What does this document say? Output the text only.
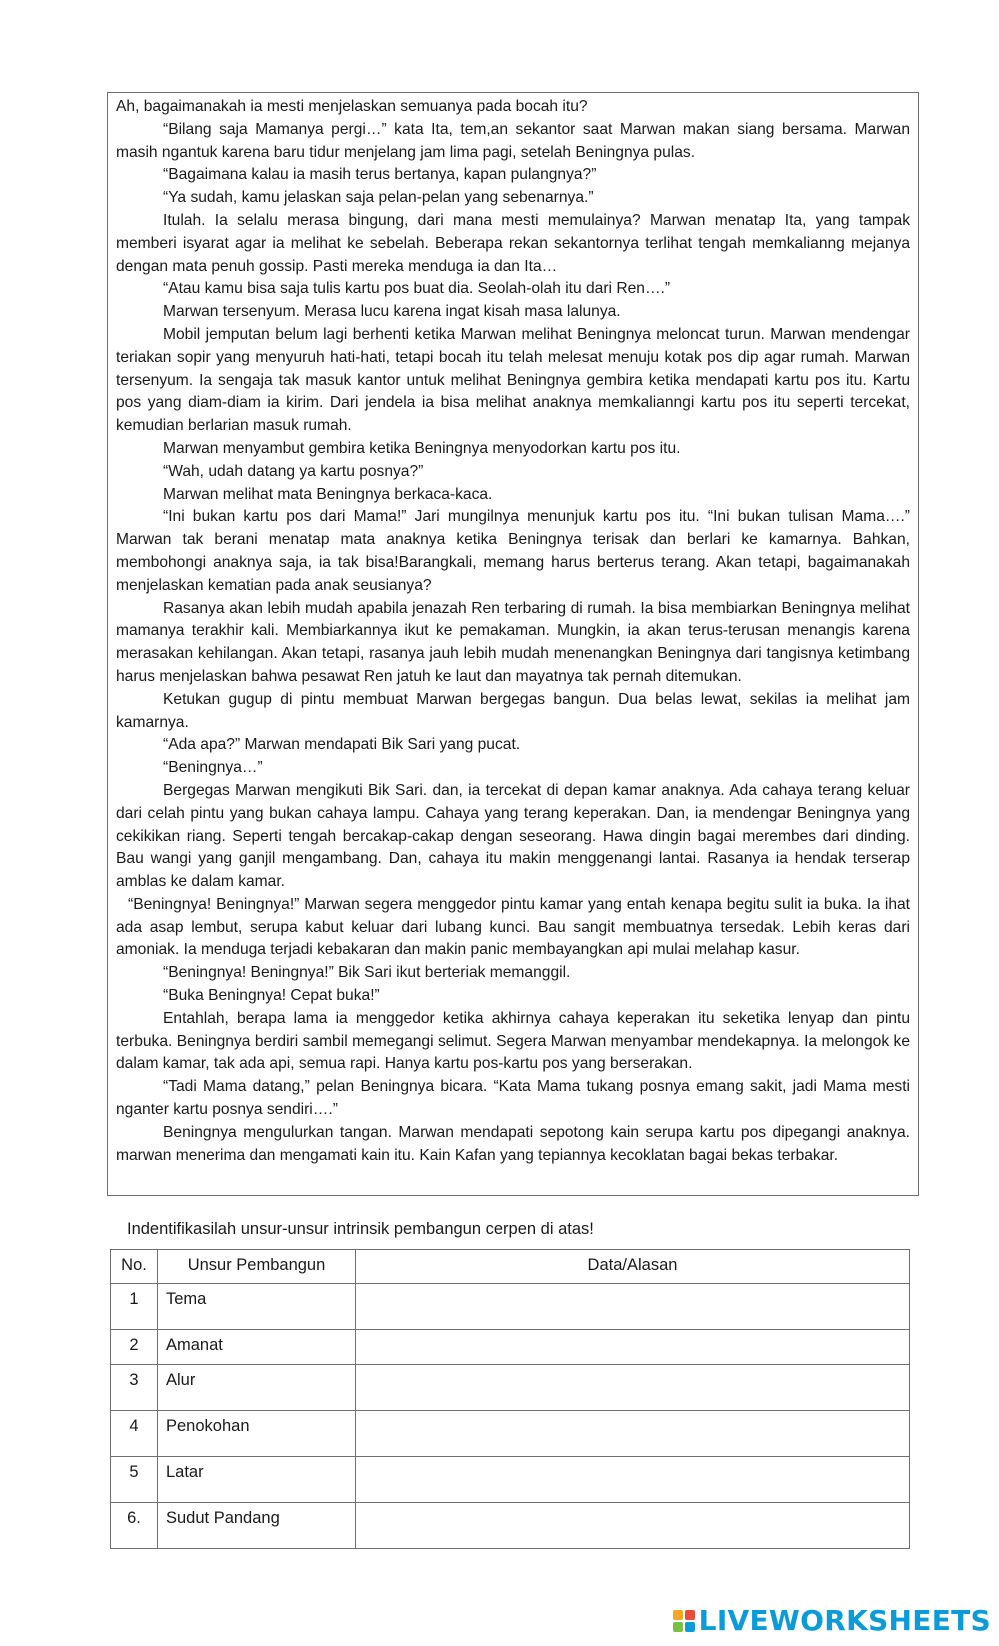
Ah, bagaimanakah ia mesti menjelaskan semuanya pada bocah itu?

“Bilang saja Mamanya pergi…” kata Ita, tem,an sekantor saat Marwan makan siang bersama. Marwan masih ngantuk karena baru tidur menjelang jam lima pagi, setelah Beningnya pulas.

“Bagaimana kalau ia masih terus bertanya, kapan pulangnya?”

“Ya sudah, kamu jelaskan saja pelan-pelan yang sebenarnya.”

Itulah. Ia selalu merasa bingung, dari mana mesti memulainya? Marwan menatap Ita, yang tampak memberi isyarat agar ia melihat ke sebelah. Beberapa rekan sekantornya terlihat tengah memkalianng mejanya dengan mata penuh gossip. Pasti mereka menduga ia dan Ita…

“Atau kamu bisa saja tulis kartu pos buat dia. Seolah-olah itu dari Ren….”

Marwan tersenyum. Merasa lucu karena ingat kisah masa lalunya.

Mobil jemputan belum lagi berhenti ketika Marwan melihat Beningnya meloncat turun. Marwan mendengar teriakan sopir yang menyuruh hati-hati, tetapi bocah itu telah melesat menuju kotak pos dip agar rumah. Marwan tersenyum. Ia sengaja tak masuk kantor untuk melihat Beningnya gembira ketika mendapati kartu pos itu. Kartu pos yang diam-diam ia kirim. Dari jendela ia bisa melihat anaknya memkalianngi kartu pos itu seperti tercekat, kemudian berlarian masuk rumah.

Marwan menyambut gembira ketika Beningnya menyodorkan kartu pos itu.

“Wah, udah datang ya kartu posnya?”

Marwan melihat mata Beningnya berkaca-kaca.

“Ini bukan kartu pos dari Mama!” Jari mungilnya menunjuk kartu pos itu. “Ini bukan tulisan Mama….” Marwan tak berani menatap mata anaknya ketika Beningnya terisak dan berlari ke kamarnya. Bahkan, membohongi anaknya saja, ia tak bisa!Barangkali, memang harus berterus terang. Akan tetapi, bagaimanakah menjelaskan kematian pada anak seusianya?

Rasanya akan lebih mudah apabila jenazah Ren terbaring di rumah. Ia bisa membiarkan Beningnya melihat mamanya terakhir kali. Membiarkannya ikut ke pemakaman. Mungkin, ia akan terus-terusan menangis karena merasakan kehilangan. Akan tetapi, rasanya jauh lebih mudah menenangkan Beningnya dari tangisnya ketimbang harus menjelaskan bahwa pesawat Ren jatuh ke laut dan mayatnya tak pernah ditemukan.

Ketukan gugup di pintu membuat Marwan bergegas bangun. Dua belas lewat, sekilas ia melihat jam kamarnya.

“Ada apa?” Marwan mendapati Bik Sari yang pucat.

“Beningnya…”

Bergegas Marwan mengikuti Bik Sari. dan, ia tercekat di depan kamar anaknya. Ada cahaya terang keluar dari celah pintu yang bukan cahaya lampu. Cahaya yang terang keperakan. Dan, ia mendengar Beningnya yang cekikikan riang. Seperti tengah bercakap-cakap dengan seseorang. Hawa dingin bagai merembes dari dinding. Bau wangi yang ganjil mengambang. Dan, cahaya itu makin menggenangi lantai. Rasanya ia hendak terserap amblas ke dalam kamar.

“Beningnya! Beningnya!” Marwan segera menggedor pintu kamar yang entah kenapa begitu sulit ia buka. Ia ihat ada asap lembut, serupa kabut keluar dari lubang kunci. Bau sangit membuatnya tersedak. Lebih keras dari amoniak. Ia menduga terjadi kebakaran dan makin panic membayangkan api mulai melahap kasur.

“Beningnya! Beningnya!” Bik Sari ikut berteriak memanggil.

“Buka Beningnya! Cepat buka!”

Entahlah, berapa lama ia menggedor ketika akhirnya cahaya keperakan itu seketika lenyap dan pintu terbuka. Beningnya berdiri sambil memegangi selimut. Segera Marwan menyambar mendekapnya. Ia melongok ke dalam kamar, tak ada api, semua rapi. Hanya kartu pos-kartu pos yang berserakan.

“Tadi Mama datang,” pelan Beningnya bicara. “Kata Mama tukang posnya emang sakit, jadi Mama mesti nganter kartu posnya sendiri….”

Beningnya mengulurkan tangan. Marwan mendapati sepotong kain serupa kartu pos dipegangi anaknya. marwan menerima dan mengamati kain itu. Kain Kafan yang tepiannya kecoklatan bagai bekas terbakar.

Indentifikasilah unsur-unsur intrinsik pembangun cerpen di atas!

No.	Unsur Pembangun	Data/Alasan
1	Tema	
2	Amanat	
3	Alur	
4	Penokohan	
5	Latar	
6.	Sudut Pandang	
LIVEWORKSHEETS
